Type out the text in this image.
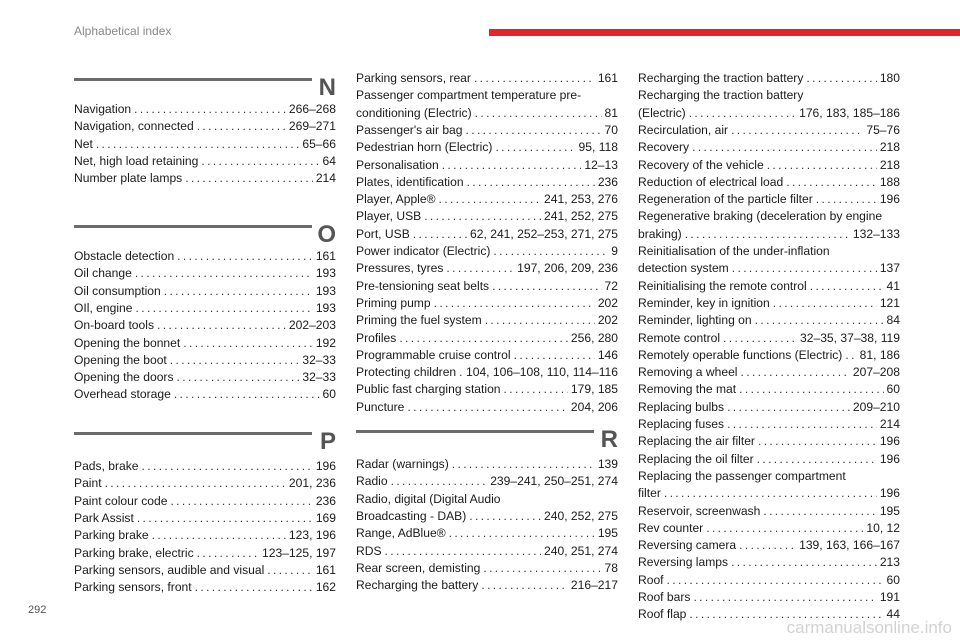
Alphabetical index
N
O
P
Navigation . . .	266–268
Navigation, connected . . .	269–271
Net . . .	65–66
Net, high load retaining . . .	64
Number plate lamps . . .	214
Obstacle detection . . .	161
Oil change . . .	193
Oil consumption . . .	193
OIl, engine . . .	193
On-board tools . . .	202–203
Opening the bonnet . . .	192
Opening the boot . . .	32–33
Opening the doors . . .	32–33
Overhead storage . . .	60
Pads, brake . . .	196
Paint . . .	201, 236
Paint colour code . . .	236
Park Assist . . .	169
Parking brake . . .	123, 196
Parking brake, electric . . .	123–125, 197
Parking sensors, audible and visual . . .	161
Parking sensors, front . . .	162
R
Parking sensors, rear . . .	161
Passenger compartment temperature pre-
conditioning (Electric) . . .	81
Passenger's air bag . . .	70
Pedestrian horn (Electric) . . .	95, 118
Personalisation . . .	12–13
Plates, identification . . .	236
Player, Apple® . . .	241, 253, 276
Player, USB . . .	241, 252, 275
Port, USB . . .	62, 241, 252–253, 271, 275
Power indicator (Electric) . . .	9
Pressures, tyres . . .	197, 206, 209, 236
Pre-tensioning seat belts . . .	72
Priming pump . . .	202
Priming the fuel system . . .	202
Profiles . . .	256, 280
Programmable cruise control . . .	146
Protecting children . . . 104, 106–108, 110, 114–116
Public fast charging station . . .	179, 185
Puncture . . .	204, 206
Radar (warnings) . . .	139
Radio . . .	239–241, 250–251, 274
Radio, digital (Digital Audio
Broadcasting - DAB) . . .	240, 252, 275
Range, AdBlue® . . .	195
RDS . . .	240, 251, 274
Rear screen, demisting . . .	78
Recharging the battery . . .	216–217
Recharging the traction battery . . .	180
Recharging the traction battery
(Electric) . . .	176, 183, 185–186
Recirculation, air . . .	75–76
Recovery . . .	218
Recovery of the vehicle . . .	218
Reduction of electrical load . . .	188
Regeneration of the particle filter . . .	196
Regenerative braking (deceleration by engine
braking) . . .	132–133
Reinitialisation of the under-inflation
detection system . . .	137
Reinitialising the remote control . . .	41
Reminder, key in ignition . . .	121
Reminder, lighting on . . .	84
Remote control . . .	32–35, 37–38, 119
Remotely operable functions (Electric) . . . 81, 186
Removing a wheel . . .	207–208
Removing the mat . . .	60
Replacing bulbs . . .	209–210
Replacing fuses . . .	214
Replacing the air filter . . .	196
Replacing the oil filter . . .	196
Replacing the passenger compartment
filter . . .	196
Reservoir, screenwash . . .	195
Rev counter . . .	10, 12
Reversing camera . . .	139, 163, 166–167
Reversing lamps . . .	213
Roof . . .	60
Roof bars . . .	191
Roof flap . . .	44
292
carmanualsonline.info
